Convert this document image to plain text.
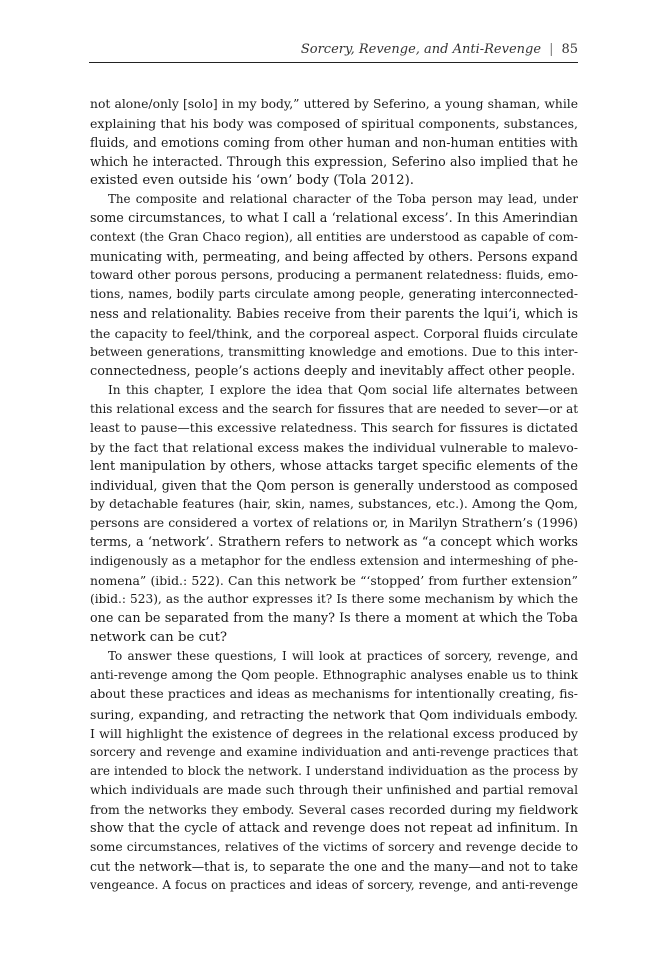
Sorcery, Revenge, and Anti-Revenge | 85
not alone/only [solo] in my body,” uttered by Seferino, a young shaman, while
explaining that his body was composed of spiritual components, substances,
fluids, and emotions coming from other human and non-human entities with
which he interacted. Through this expression, Seferino also implied that he
existed even outside his ‘own’ body (Tola 2012).
The composite and relational character of the Toba person may lead, under
some circumstances, to what I call a ‘relational excess’. In this Amerindian
context (the Gran Chaco region), all entities are understood as capable of com-
municating with, permeating, and being affected by others. Persons expand
toward other porous persons, producing a permanent relatedness: fluids, emo-
tions, names, bodily parts circulate among people, generating interconnected-
ness and relationality. Babies receive from their parents the lqui’i, which is
the capacity to feel/think, and the corporeal aspect. Corporal fluids circulate
between generations, transmitting knowledge and emotions. Due to this inter-
connectedness, people’s actions deeply and inevitably affect other people.
In this chapter, I explore the idea that Qom social life alternates between
this relational excess and the search for fissures that are needed to sever—or at
least to pause—this excessive relatedness. This search for fissures is dictated
by the fact that relational excess makes the individual vulnerable to malevo-
lent manipulation by others, whose attacks target specific elements of the
individual, given that the Qom person is generally understood as composed
by detachable features (hair, skin, names, substances, etc.). Among the Qom,
persons are considered a vortex of relations or, in Marilyn Strathern’s (1996)
terms, a ‘network’. Strathern refers to network as “a concept which works
indigenously as a metaphor for the endless extension and intermeshing of phe-
nomena” (ibid.: 522). Can this network be “‘stopped’ from further extension”
(ibid.: 523), as the author expresses it? Is there some mechanism by which the
one can be separated from the many? Is there a moment at which the Toba
network can be cut?
To answer these questions, I will look at practices of sorcery, revenge, and
anti-revenge among the Qom people. Ethnographic analyses enable us to think
about these practices and ideas as mechanisms for intentionally creating, fis-
suring, expanding, and retracting the network that Qom individuals embody.
I will highlight the existence of degrees in the relational excess produced by
sorcery and revenge and examine individuation and anti-revenge practices that
are intended to block the network. I understand individuation as the process by
which individuals are made such through their unfinished and partial removal
from the networks they embody. Several cases recorded during my fieldwork
show that the cycle of attack and revenge does not repeat ad infinitum. In
some circumstances, relatives of the victims of sorcery and revenge decide to
cut the network—that is, to separate the one and the many—and not to take
vengeance. A focus on practices and ideas of sorcery, revenge, and anti-revenge
